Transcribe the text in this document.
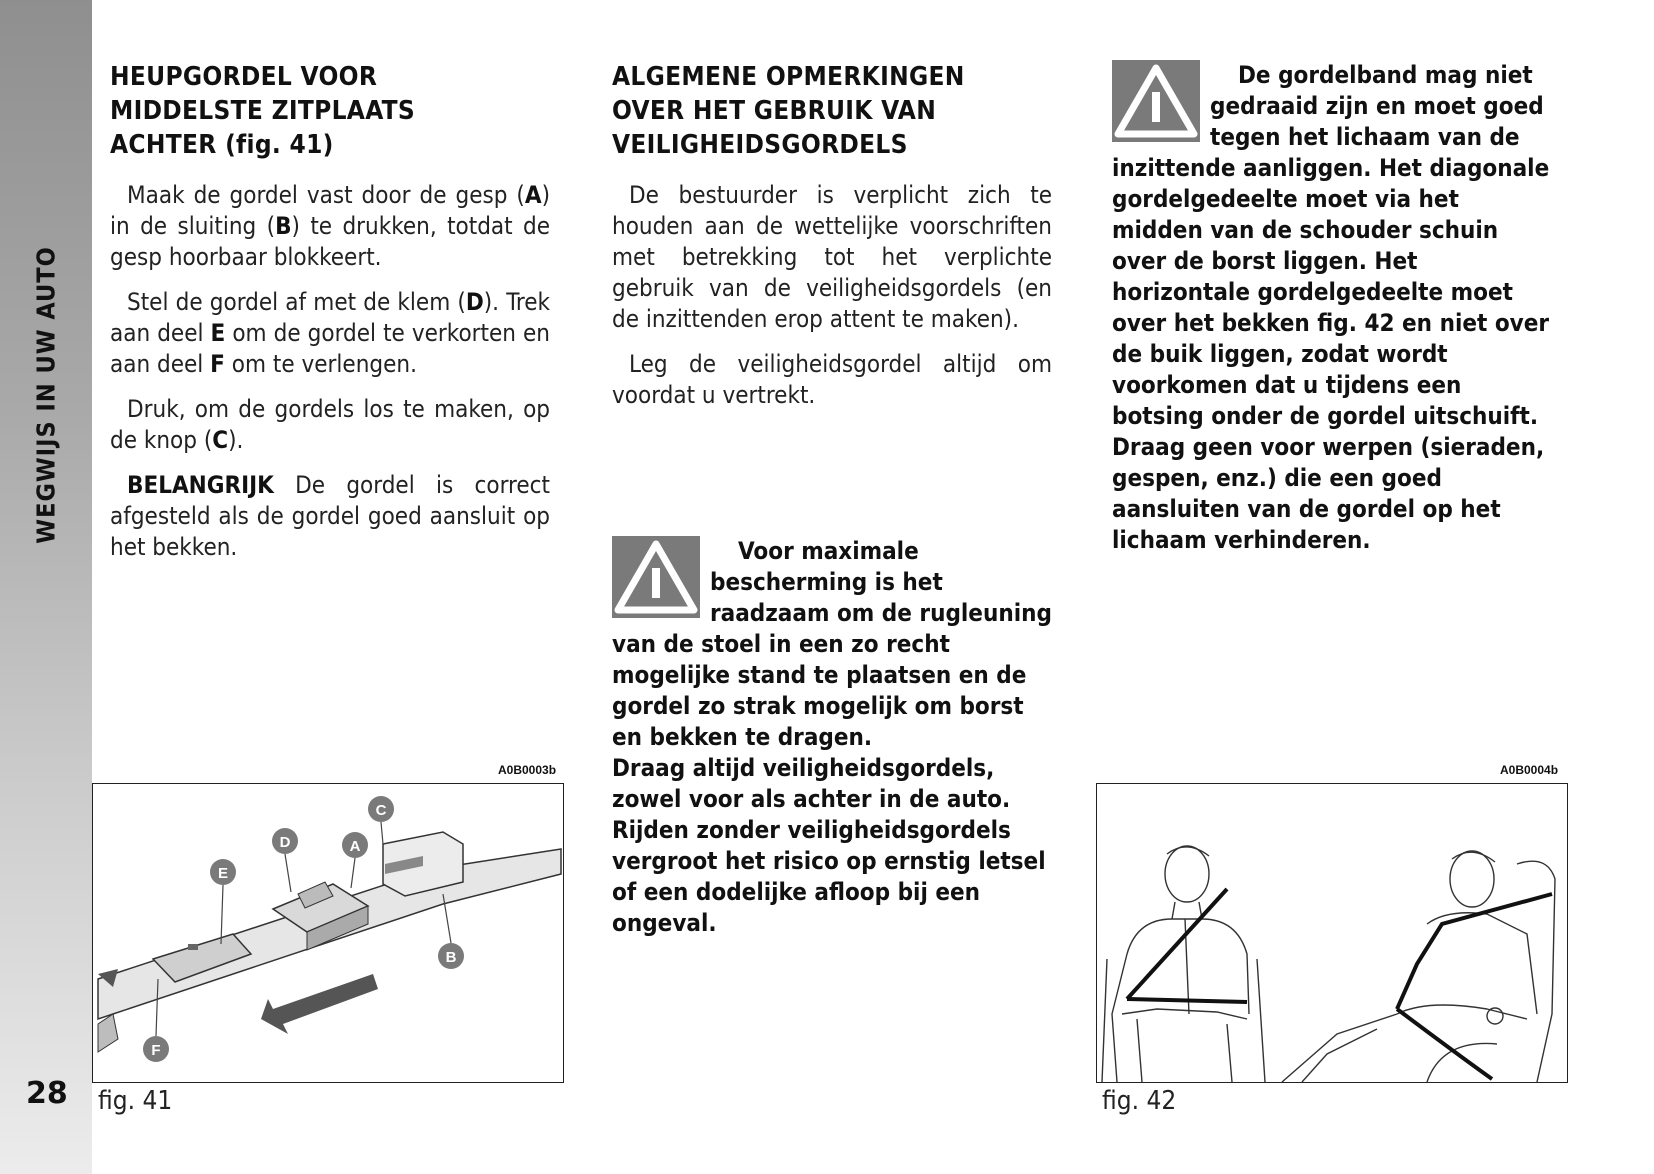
WEGWIJS IN UW AUTO
28
HEUPGORDEL VOOR
MIDDELSTE ZITPLAATS
ACHTER (fig. 41)

Maak de gordel vast door de gesp (A) in de sluiting (B) te drukken, totdat de gesp hoorbaar blokkeert.

Stel de gordel af met de klem (D). Trek aan deel E om de gordel te verkorten en aan deel F om te verlengen.

Druk, om de gordels los te maken, op de knop (C).

BELANGRIJK De gordel is correct afgesteld als de gordel goed aansluit op het bekken.

ALGEMENE OPMERKINGEN
OVER HET GEBRUIK VAN
VEILIGHEIDSGORDELS

De bestuurder is verplicht zich te houden aan de wettelijke voorschriften met betrekking tot het verplichte gebruik van de veiligheidsgordels (en de inzittenden erop attent te maken).

Leg de veiligheidsgordel altijd om voordat u vertrekt.

Voor maximale bescherming is het raadzaam om de rugleuning van de stoel in een zo recht mogelijke stand te plaatsen en de gordel zo strak mogelijk om borst en bekken te dragen.

Draag altijd veiligheidsgordels, zowel voor als achter in de auto. Rijden zonder veiligheidsgordels vergroot het risico op ernstig letsel of een dodelijke afloop bij een ongeval.

De gordelband mag niet gedraaid zijn en moet goed tegen het lichaam van de inzittende aanliggen. Het diagonale gordelgedeelte moet via het midden van de schouder schuin over de borst liggen. Het horizontale gordelgedeelte moet over het bekken fig. 42 en niet over de buik liggen, zodat wordt voorkomen dat u tijdens een botsing onder de gordel uitschuift. Draag geen voor werpen (sieraden, gespen, enz.) die een goed aansluiten van de gordel op het lichaam verhinderen.

A0B0003b
C
D	A
E
B
F
fig. 41
A0B0004b
fig. 42
